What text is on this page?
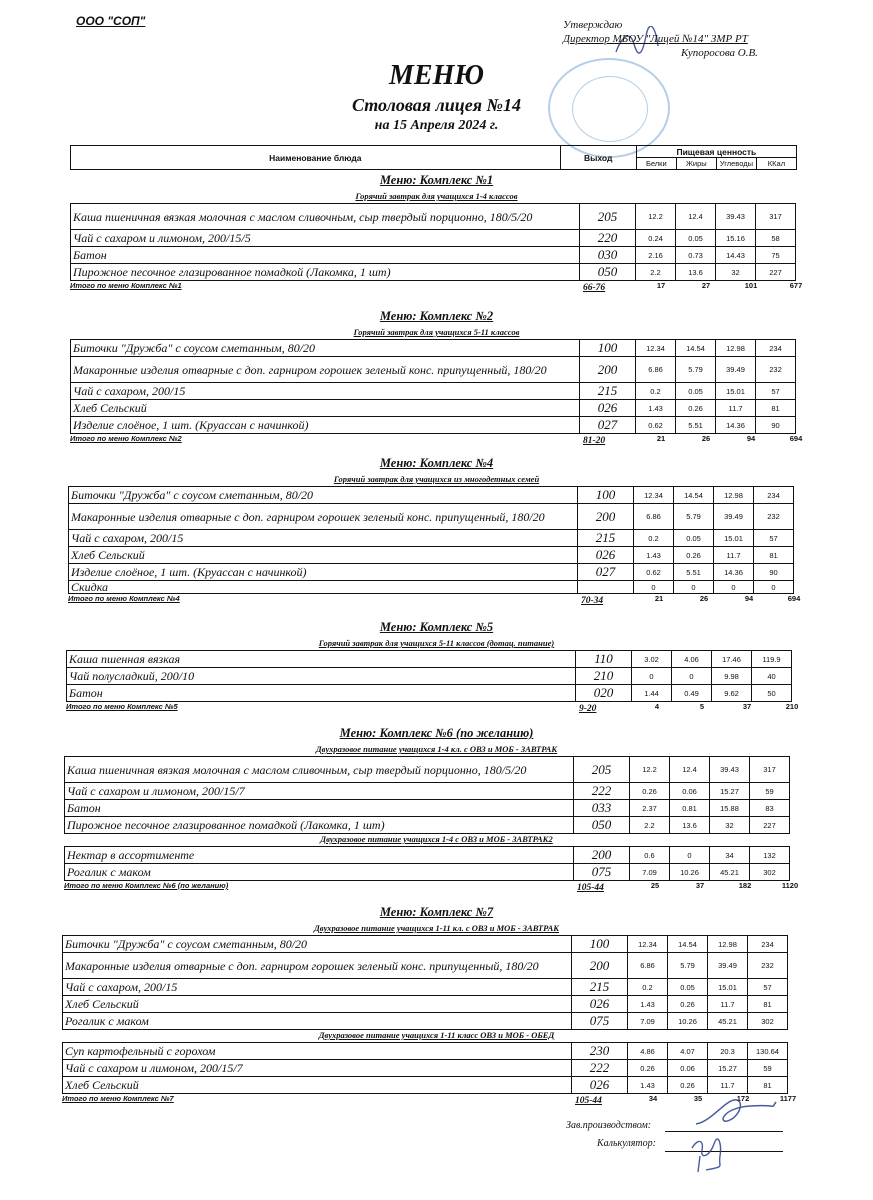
ООО "СОП"	Утверждаю
Директор МБОУ "Лицей №14" ЗМР РТ
Купоросова О.В.
МЕНЮ
Столовая лицея №14
на 15 Апреля 2024 г.
Наименование блюда	Выход	Пищевая ценность			
		Белки	Жиры	Углеводы	ККал
Меню: Комплекс №1
Горячий завтрак для учащихся 1-4 классов
Каша пшеничная вязкая молочная с маслом сливочным, сыр твердый порционно, 180/5/20	205	12.2	12.4	39.43	317
Чай с сахаром и лимоном, 200/15/5	220	0.24	0.05	15.16	58
Батон	030	2.16	0.73	14.43	75
Пирожное песочное глазированное помадкой (Лакомка, 1 шт)	050	2.2	13.6	32	227
Итого по меню Комплекс №1	66-76	17	27	101	677
Меню: Комплекс №2
Горячий завтрак для учащихся 5-11 классов
Биточки "Дружба" с соусом сметанным, 80/20	100	12.34	14.54	12.98	234
Макаронные изделия отварные с доп. гарниром горошек зеленый конс. припущенный, 180/20	200	6.86	5.79	39.49	232
Чай с сахаром, 200/15	215	0.2	0.05	15.01	57
Хлеб Сельский	026	1.43	0.26	11.7	81
Изделие слоёное, 1 шт. (Круассан с начинкой)	027	0.62	5.51	14.36	90
Итого по меню Комплекс №2	81-20	21	26	94	694
Меню: Комплекс №4
Горячий завтрак для учащихся из многодетных семей
Биточки "Дружба" с соусом сметанным, 80/20	100	12.34	14.54	12.98	234
Макаронные изделия отварные с доп. гарниром горошек зеленый конс. припущенный, 180/20	200	6.86	5.79	39.49	232
Чай с сахаром, 200/15	215	0.2	0.05	15.01	57
Хлеб Сельский	026	1.43	0.26	11.7	81
Изделие слоёное, 1 шт. (Круассан с начинкой)	027	0.62	5.51	14.36	90
Скидка		0	0	0	0
Итого по меню Комплекс №4	70-34	21	26	94	694
Меню: Комплекс №5
Горячий завтрак для учащихся 5-11 классов (дотац. питание)
Каша пшенная вязкая	110	3.02	4.06	17.46	119.9
Чай полусладкий, 200/10	210	0	0	9.98	40
Батон	020	1.44	0.49	9.62	50
Итого по меню Комплекс №5	9-20	4	5	37	210
Меню: Комплекс №6 (по желанию)
Двухразовое питание учащихся 1-4 кл. с ОВЗ и МОБ - ЗАВТРАК
Каша пшеничная вязкая молочная с маслом сливочным, сыр твердый порционно, 180/5/20	205	12.2	12.4	39.43	317
Чай с сахаром и лимоном, 200/15/7	222	0.26	0.06	15.27	59
Батон	033	2.37	0.81	15.88	83
Пирожное песочное глазированное помадкой (Лакомка, 1 шт)	050	2.2	13.6	32	227
Двухразовое питание учащихся 1-4 с ОВЗ и МОБ - ЗАВТРАК2
Нектар в ассортименте	200	0.6	0	34	132
Рогалик с маком	075	7.09	10.26	45.21	302
Итого по меню Комплекс №6 (по желанию)	105-44	25	37	182	1120
Меню: Комплекс №7
Двухразовое питание учащихся 1-11 кл. с ОВЗ и МОБ - ЗАВТРАК
Биточки "Дружба" с соусом сметанным, 80/20	100	12.34	14.54	12.98	234
Макаронные изделия отварные с доп. гарниром горошек зеленый конс. припущенный, 180/20	200	6.86	5.79	39.49	232
Чай с сахаром, 200/15	215	0.2	0.05	15.01	57
Хлеб Сельский	026	1.43	0.26	11.7	81
Рогалик с маком	075	7.09	10.26	45.21	302
Двухразовое питание учащихся 1-11 класс ОВЗ и МОБ - ОБЕД
Суп картофельный с горохом	230	4.86	4.07	20.3	130.64
Чай с сахаром и лимоном, 200/15/7	222	0.26	0.06	15.27	59
Хлеб Сельский	026	1.43	0.26	11.7	81
Итого по меню Комплекс №7	105-44	34	35	172	1177
Зав.производством:
Калькулятор:
